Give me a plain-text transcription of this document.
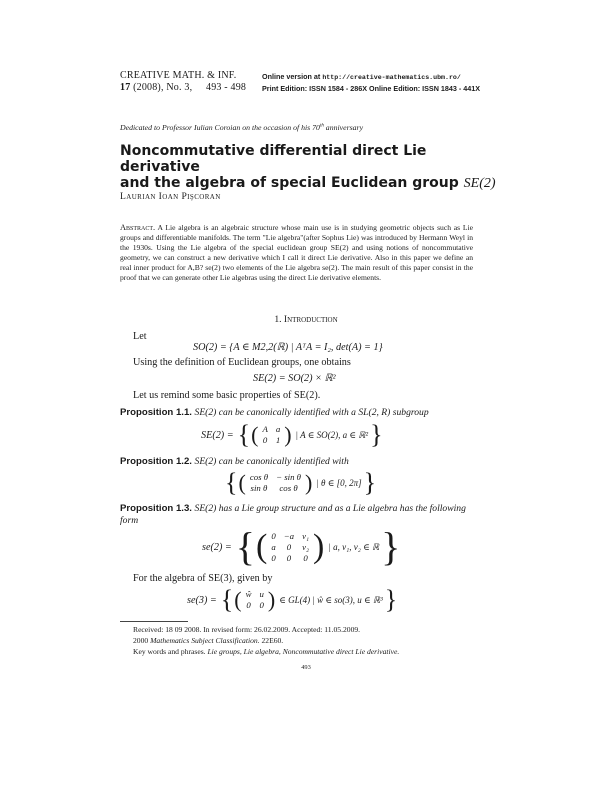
CREATIVE MATH. & INF.
17 (2008), No. 3, 493 - 498
Online version at http://creative-mathematics.ubm.ro/
Print Edition: ISSN 1584 - 286X Online Edition: ISSN 1843 - 441X
Dedicated to Professor Iulian Coroian on the occasion of his 70th anniversary
Noncommutative differential direct Lie derivative
and the algebra of special Euclidean group SE(2)
Laurian Ioan Pişcoran
Abstract. A Lie algebra is an algebraic structure whose main use is in studying geometric objects such as Lie groups and differentiable manifolds. The term "Lie algebra"(after Sophus Lie) was introduced by Hermann Weyl in the 1930s. Using the Lie algebra of the special euclidean group SE(2) and using notions of noncommutative geometry, we can construct a new derivative which I call it direct Lie derivative. Also in this paper we define an real inner product for A,B? se(2) two elements of the Lie algebra se(2). The main result of this paper consist in the proof that we can generate other Lie algebras using the direct Lie derivative elements.
1. Introduction
Let
SO(2) = {A ∈ M2,2(ℝ) | AᵀA = I₂, det(A) = 1}
Using the definition of Euclidean groups, one obtains
SE(2) = SO(2) × ℝ²
Let us remind some basic properties of SE(2).
Proposition 1.1. SE(2) can be canonically identified with a SL(2, R) subgroup
SE(2) = { ( A	a
0	1 ) | A ∈ SO(2), a ∈ ℝ² }
Proposition 1.2. SE(2) can be canonically identified with
{ ( cos θ	− sin θ
sin θ	cos θ ) | θ ∈ [0, 2π] }
Proposition 1.3. SE(2) has a Lie group structure and as a Lie algebra has the following
form
se(2) = { ( 0	−a	v₁
a	0	v₂
0	0	0 ) | a, v₁, v₂ ∈ ℝ }
For the algebra of SE(3), given by
se(3) = { ( ŵ	u
0	0 ) ∈ GL(4) | ŵ ∈ so(3), u ∈ ℝ³ }
Received: 18 09 2008. In revised form: 26.02.2009. Accepted: 11.05.2009.
2000 Mathematics Subject Classification. 22E60.
Key words and phrases. Lie groups, Lie algebra, Noncommutative direct Lie derivative.
493
